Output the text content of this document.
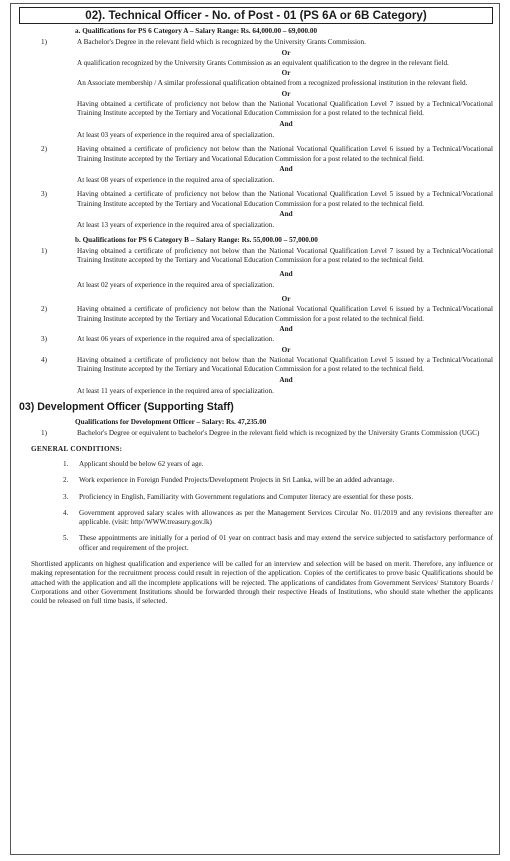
02). Technical Officer - No. of Post - 01 (PS 6A or 6B Category)
a. Qualifications for PS 6 Category A – Salary Range: Rs. 64,000.00 – 69,000.00
1)	A Bachelor's Degree in the relevant field which is recognized by the University Grants Commission.
Or
A qualification recognized by the University Grants Commission as an equivalent qualification to the degree in the relevant field.
Or
An Associate membership / A similar professional qualification obtained from a recognized professional institution in the relevant field.
Or
Having obtained a certificate of proficiency not below than the National Vocational Qualification Level 7 issued by a Technical/Vocational Training Institute accepted by the Tertiary and Vocational Education Commission for a post related to the technical field.
And
At least 03 years of experience in the required area of specialization.
2)	Having obtained a certificate of proficiency not below than the National Vocational Qualification Level 6 issued by a Technical/Vocational Training Institute accepted by the Tertiary and Vocational Education Commission for a post related to the technical field.
And
At least 08 years of experience in the required area of specialization.
3)	Having obtained a certificate of proficiency not below than the National Vocational Qualification Level 5 issued by a Technical/Vocational Training Institute accepted by the Tertiary and Vocational Education Commission for a post related to the technical field.
And
At least 13 years of experience in the required area of specialization.
b. Qualifications for PS 6 Category B – Salary Range: Rs. 55,000.00 – 57,000.00
1)	Having obtained a certificate of proficiency not below than the National Vocational Qualification Level 7 issued by a Technical/Vocational Training Institute accepted by the Tertiary and Vocational Education Commission for a post related to the technical field.
And
At least 02 years of experience in the required area of specialization.
Or
2)	Having obtained a certificate of proficiency not below than the National Vocational Qualification Level 6 issued by a Technical/Vocational Training Institute accepted by the Tertiary and Vocational Education Commission for a post related to the technical field.
And
3)	At least 06 years of experience in the required area of specialization.
Or
4)	Having obtained a certificate of proficiency not below than the National Vocational Qualification Level 5 issued by a Technical/Vocational Training Institute accepted by the Tertiary and Vocational Education Commission for a post related to the technical field.
And
At least 11 years of experience in the required area of specialization.
03) Development Officer (Supporting Staff)
Qualifications for Development Officer – Salary: Rs. 47,235.00
1)	Bachelor's Degree or equivalent to bachelor's Degree in the relevant field which is recognized by the University Grants Commission (UGC)
GENERAL CONDITIONS:
1. Applicant should be below 62 years of age.
2. Work experience in Foreign Funded Projects/Development Projects in Sri Lanka, will be an added advantage.
3. Proficiency in English, Familiarity with Government regulations and Computer literacy are essential for these posts.
4. Government approved salary scales with allowances as per the Management Services Circular No. 01/2019 and any revisions thereafter are applicable. (visit: http//WWW.treasury.gov.lk)
5. These appointments are initially for a period of 01 year on contract basis and may extend the service subjected to satisfactory performance of officer and requirement of the project.
Shortlisted applicants on highest qualification and experience will be called for an interview and selection will be based on merit. Therefore, any influence or making representation for the recruitment process could result in rejection of the application. Copies of the certificates to prove basic Qualifications should be attached with the application and all the incomplete applications will be rejected. The applications of candidates from Government Services/ Statutory Boards / Corporations and other Government Institutions should be forwarded through their respective Heads of Institutions, who should state whether the applicants could be released on full time basis, if selected.
